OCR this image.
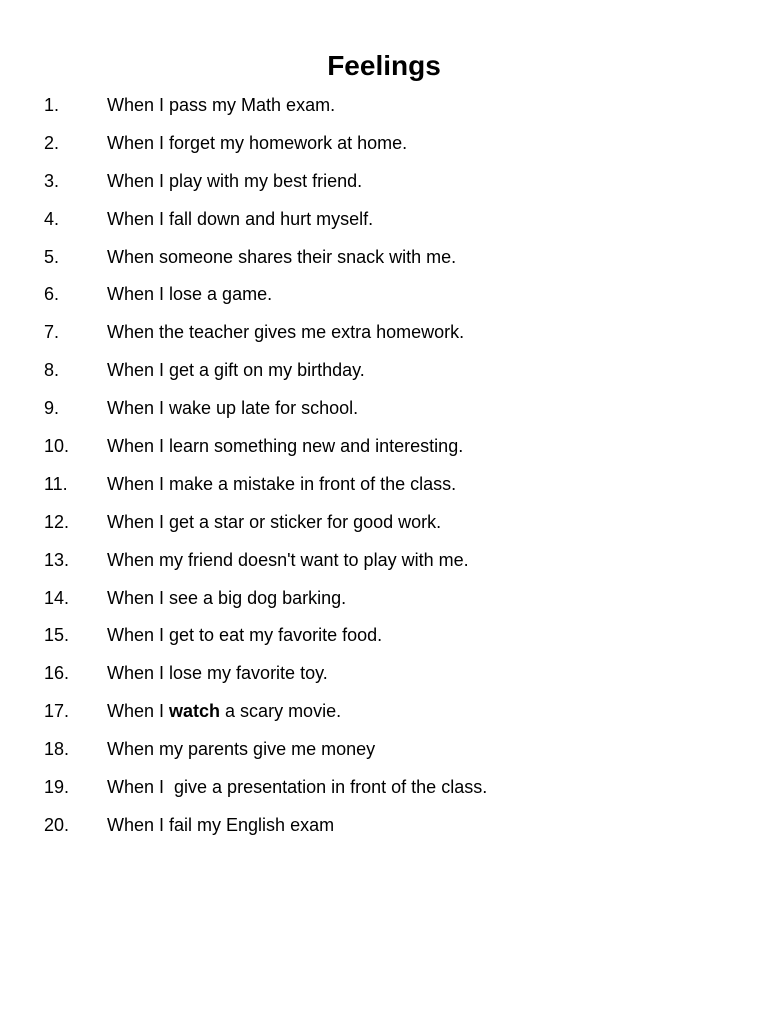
Feelings
1.	When I pass my Math exam.
2.	When I forget my homework at home.
3.	When I play with my best friend.
4.	When I fall down and hurt myself.
5.	When someone shares their snack with me.
6.	When I lose a game.
7.	When the teacher gives me extra homework.
8.	When I get a gift on my birthday.
9.	When I wake up late for school.
10. When I learn something new and interesting.
11. When I make a mistake in front of the class.
12. When I get a star or sticker for good work.
13. When my friend doesn't want to play with me.
14. When I see a big dog barking.
15. When I get to eat my favorite food.
16. When I lose my favorite toy.
17. When I watch a scary movie.
18. When my parents give me money
19. When I  give a presentation in front of the class.
20. When I fail my English exam
